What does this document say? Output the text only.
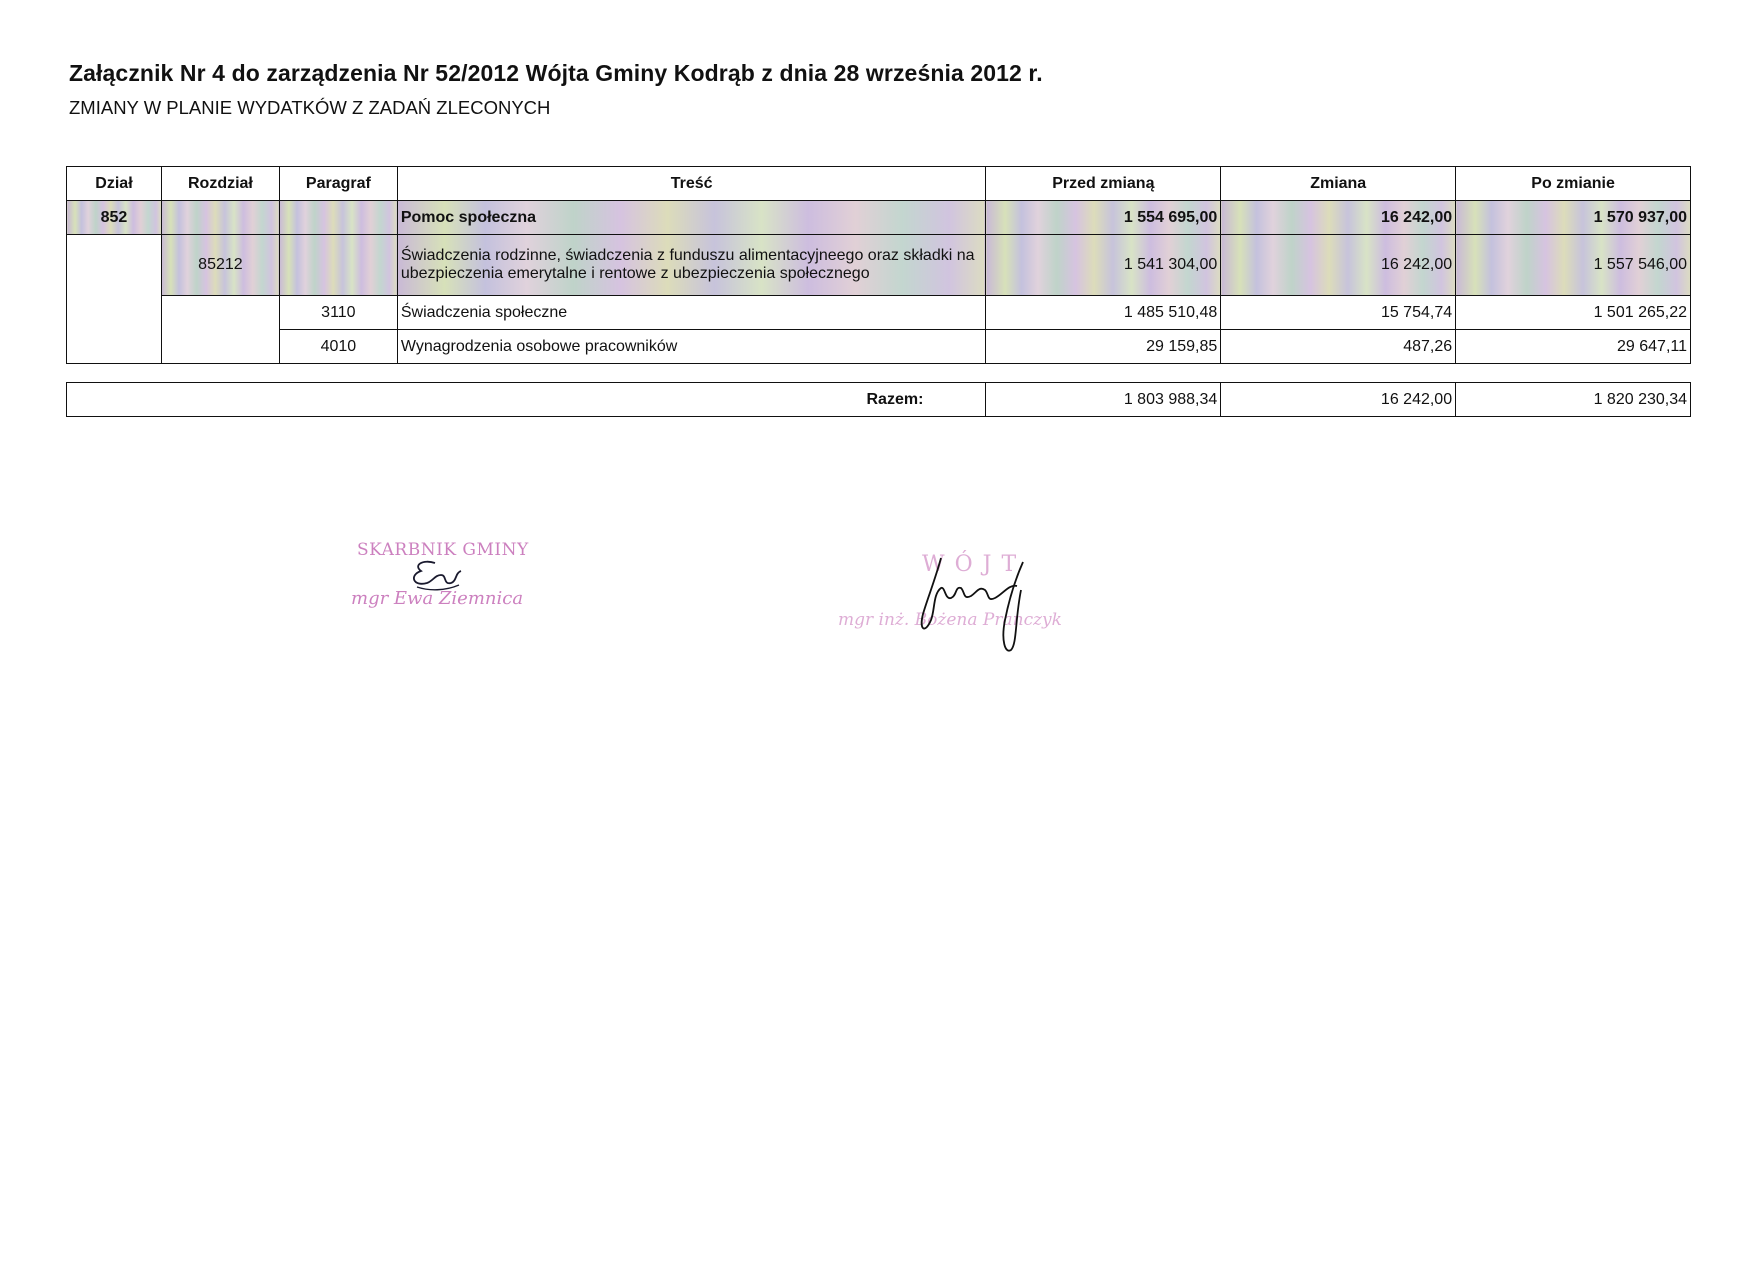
Załącznik Nr 4 do zarządzenia Nr 52/2012 Wójta Gminy Kodrąb z dnia 28 września 2012 r.
ZMIANY W PLANIE WYDATKÓW Z ZADAŃ ZLECONYCH
Dział	Rozdział	Paragraf	Treść	Przed zmianą	Zmiana	Po zmianie
852			Pomoc społeczna	1 554 695,00	16 242,00	1 570 937,00
	85212		Świadczenia rodzinne, świadczenia z funduszu alimentacyjneego oraz składki na ubezpieczenia emerytalne i rentowe z ubezpieczenia społecznego	1 541 304,00	16 242,00	1 557 546,00
		3110	Świadczenia społeczne	1 485 510,48	15 754,74	1 501 265,22
		4010	Wynagrodzenia osobowe pracowników	29 159,85	487,26	29 647,11
Razem:	1 803 988,34	16 242,00	1 820 230,34
SKARBNIK GMINY
mgr Ewa Ziemnica
WÓJT
mgr inż. Bożena Pranczyk
